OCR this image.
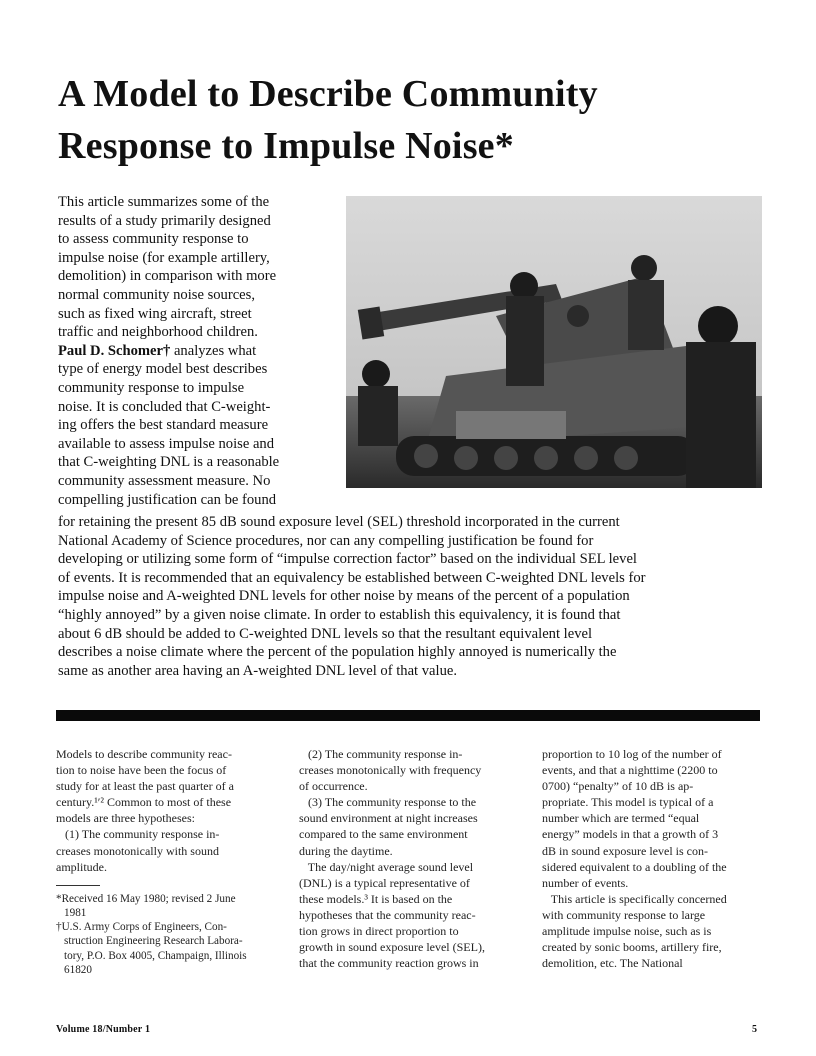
A Model to Describe Community
Response to Impulse Noise*
This article summarizes some of the
results of a study primarily designed
to assess community response to
impulse noise (for example artillery,
demolition) in comparison with more
normal community noise sources,
such as fixed wing aircraft, street
traffic and neighborhood children.
Paul D. Schomer† analyzes what
type of energy model best describes
community response to impulse
noise. It is concluded that C-weight-
ing offers the best standard measure
available to assess impulse noise and
that C-weighting DNL is a reasonable
community assessment measure. No
compelling justification can be found
for retaining the present 85 dB sound exposure level (SEL) threshold incorporated in the current
National Academy of Science procedures, nor can any compelling justification be found for
developing or utilizing some form of “impulse correction factor” based on the individual SEL level
of events. It is recommended that an equivalency be established between C-weighted DNL levels for
impulse noise and A-weighted DNL levels for other noise by means of the percent of a population
“highly annoyed” by a given noise climate. In order to establish this equivalency, it is found that
about 6 dB should be added to C-weighted DNL levels so that the resultant equivalent level
describes a noise climate where the percent of the population highly annoyed is numerically the
same as another area having an A-weighted DNL level of that value.
Models to describe community reac-
tion to noise have been the focus of
study for at least the past quarter of a
century.¹′² Common to most of these
models are three hypotheses:
(1) The community response in-
creases monotonically with sound
amplitude.
*Received 16 May 1980; revised 2 June
1981
†U.S. Army Corps of Engineers, Con-
struction Engineering Research Labora-
tory, P.O. Box 4005, Champaign, Illinois
61820
(2) The community response in-
creases monotonically with frequency
of occurrence.
(3) The community response to the
sound environment at night increases
compared to the same environment
during the daytime.
The day/night average sound level
(DNL) is a typical representative of
these models.³ It is based on the
hypotheses that the community reac-
tion grows in direct proportion to
growth in sound exposure level (SEL),
that the community reaction grows in
proportion to 10 log of the number of
events, and that a nighttime (2200 to
0700) “penalty” of 10 dB is ap-
propriate. This model is typical of a
number which are termed “equal
energy” models in that a growth of 3
dB in sound exposure level is con-
sidered equivalent to a doubling of the
number of events.
This article is specifically concerned
with community response to large
amplitude impulse noise, such as is
created by sonic booms, artillery fire,
demolition, etc. The National
Volume 18/Number 1	5
